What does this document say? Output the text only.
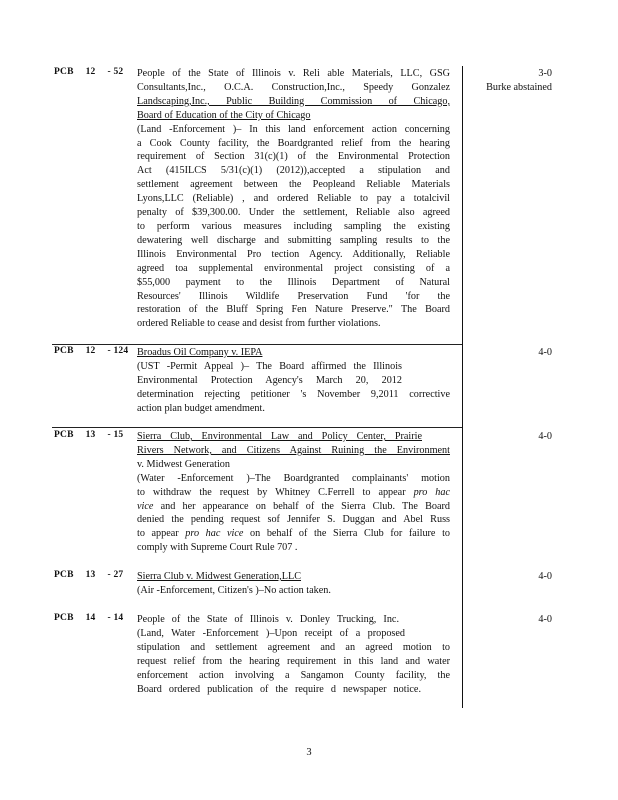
PCB 12 - 52	People of the State of Illinois v. Reli able Materials, LLC, GSG
Consultants,Inc., O.C.A. Construction,Inc., Speedy Gonzalez
Landscaping,Inc., Public Building Commission of Chicago,
Board of Education of the City of Chicago
(Land -Enforcement )– In this land enforcement action concerning
a Cook County facility, the Boardgranted relief from the hearing
requirement of Section 31(c)(1) of the Environmental Protection
Act (415ILCS 5/31(c)(1) (2012)),accepted a stipulation and
settlement agreement between the Peopleand Reliable Materials
Lyons,LLC (Reliable) , and ordered Reliable to pay a totalcivil
penalty of $39,300.00. Under the settlement, Reliable also agreed
to perform various measures including sampling the existing
dewatering well discharge and submitting sampling results to the
Illinois Environmental Pro tection Agency. Additionally, Reliable
agreed toa supplemental environmental project consisting of a
$55,000 payment to the Illinois Department of Natural
Resources' Illinois Wildlife Preservation Fund 'for the
restoration of the Bluff Spring Fen Nature Preserve." The Board
ordered Reliable to cease and desist from further violations.
3-0
Burke abstained
PCB 12 - 124 Broadus Oil Company v. IEPA
(UST -Permit Appeal )– The Board affirmed the Illinois
Environmental Protection Agency's March 20, 2012
determination rejecting petitioner 's November 9,2011 corrective
action plan budget amendment.
4-0
PCB 13 - 15	Sierra Club, Environmental Law and Policy Center, Prairie
Rivers Network, and Citizens Against Ruining the Environment
v. Midwest Generation
(Water -Enforcement )–The Boardgranted complainants' motion
to withdraw the request by Whitney C.Ferrell to appear pro hac
vice and her appearance on behalf of the Sierra Club. The Board
denied the pending request sof Jennifer S. Duggan and Abel Russ
to appear pro hac vice on behalf of the Sierra Club for failure to
comply with Supreme Court Rule 707 .
4-0
PCB 13 - 27	Sierra Club v. Midwest Generation,LLC
(Air -Enforcement, Citizen's )–No action taken.
4-0
PCB 14 - 14	People of the State of Illinois v. Donley Trucking, Inc.
(Land, Water -Enforcement )–Upon receipt of a proposed
stipulation and settlement agreement and an agreed motion to
request relief from the hearing requirement in this land and water
enforcement action involving a Sangamon County facility, the
Board ordered publication of the require d newspaper notice.
4-0
3
